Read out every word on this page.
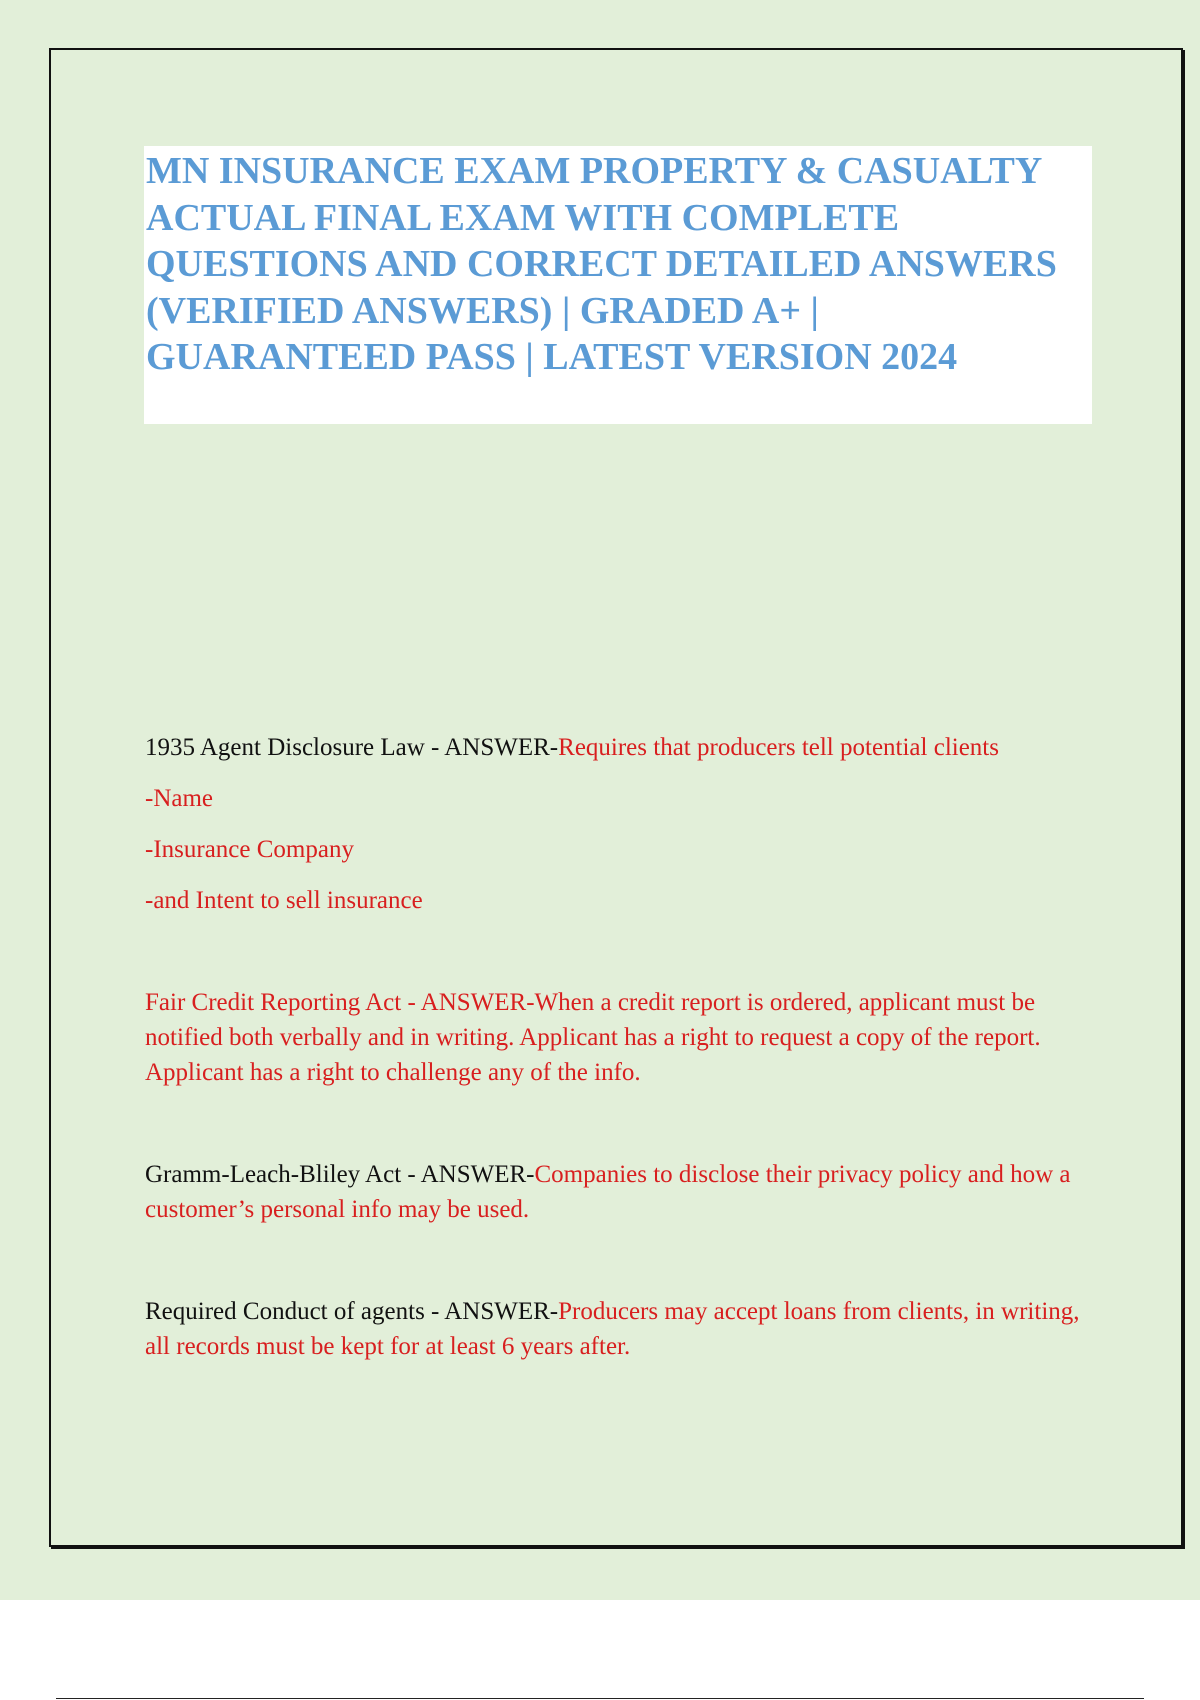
MN INSURANCE EXAM PROPERTY & CASUALTY ACTUAL FINAL EXAM WITH COMPLETE QUESTIONS AND CORRECT DETAILED ANSWERS (VERIFIED ANSWERS) | GRADED A+ | GUARANTEED PASS | LATEST VERSION 2024

1935 Agent Disclosure Law - ANSWER-Requires that producers tell potential clients

-Name

-Insurance Company

-and Intent to sell insurance

Fair Credit Reporting Act - ANSWER-When a credit report is ordered, applicant must be notified both verbally and in writing. Applicant has a right to request a copy of the report. Applicant has a right to challenge any of the info.

Gramm-Leach-Bliley Act - ANSWER-Companies to disclose their privacy policy and how a customer’s personal info may be used.

Required Conduct of agents - ANSWER-Producers may accept loans from clients, in writing, all records must be kept for at least 6 years after.
